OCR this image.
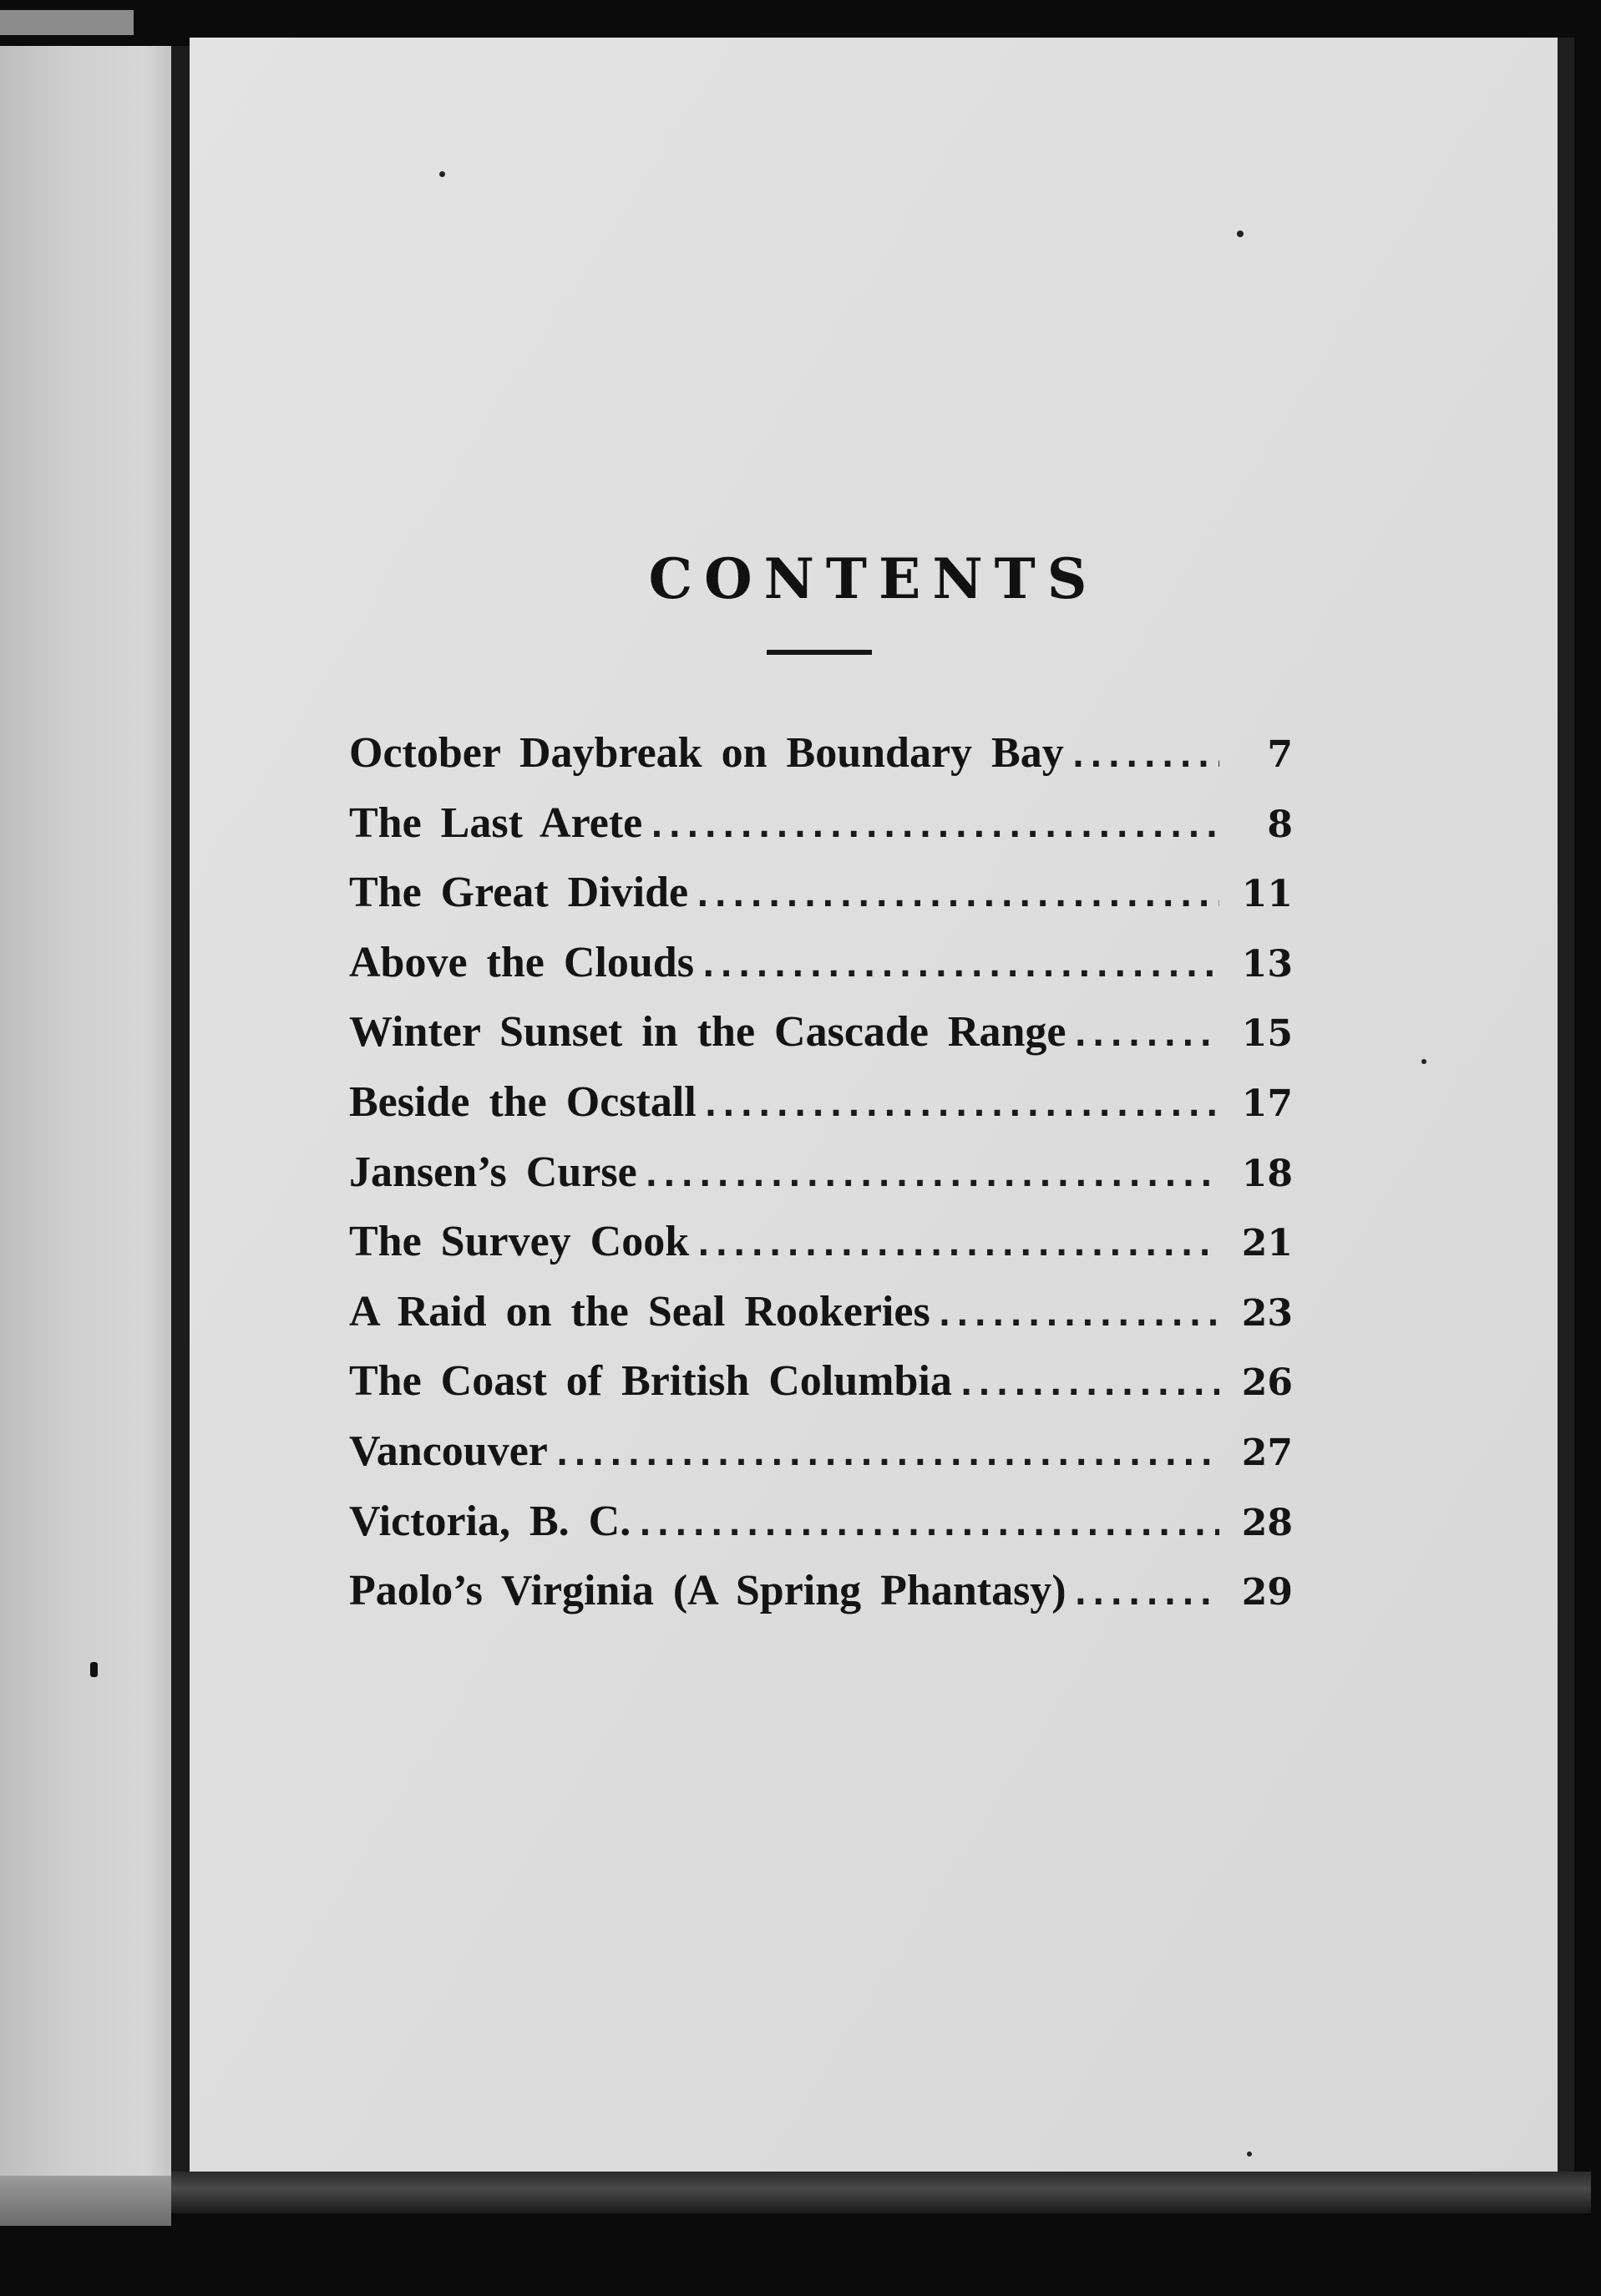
CONTENTS
October Daybreak on Boundary Bay .....	7
The Last Arete .....	8
The Great Divide .....	11
Above the Clouds .....	13
Winter Sunset in the Cascade Range .....	15
Beside the Ocstall .....	17
Jansen’s Curse .....	18
The Survey Cook .....	21
A Raid on the Seal Rookeries .....	23
The Coast of British Columbia .....	26
Vancouver .....	27
Victoria, B. C. .....	28
Paolo’s Virginia (A Spring Phantasy) .....	29
